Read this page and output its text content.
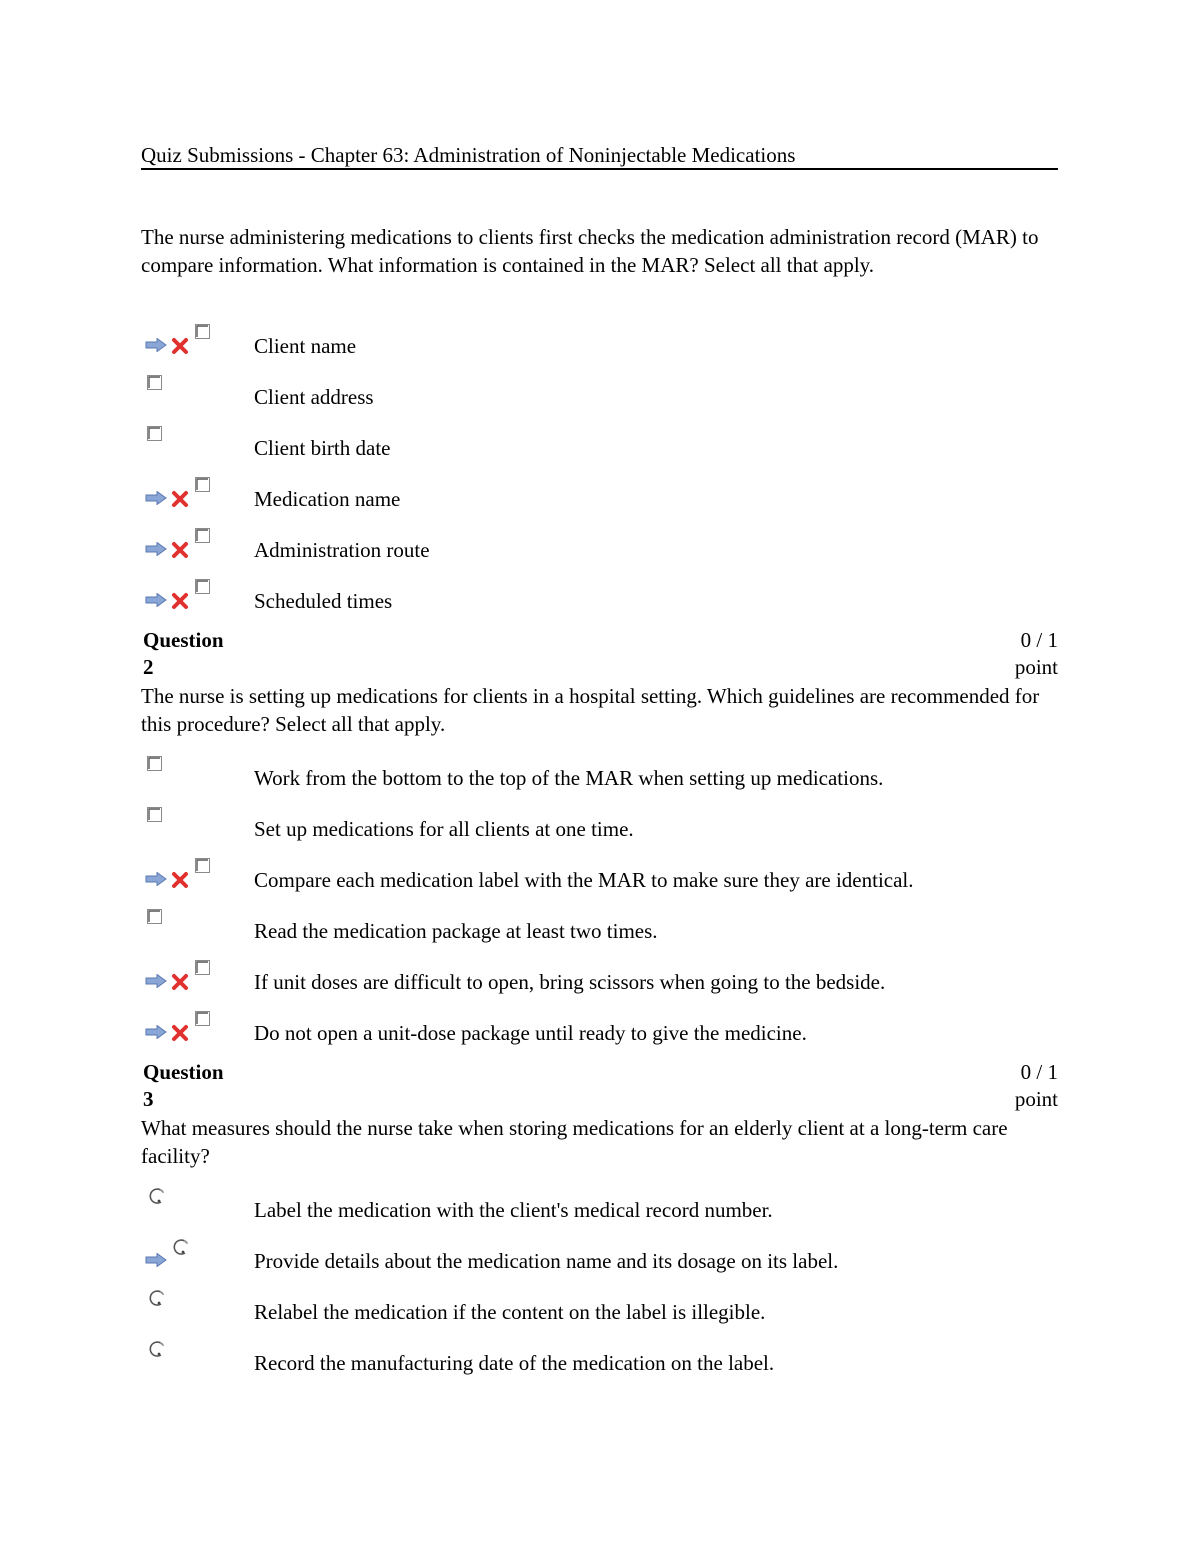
Quiz Submissions - Chapter 63: Administration of Noninjectable Medications
The nurse administering medications to clients first checks the medication administration record (MAR) to compare information. What information is contained in the MAR? Select all that apply.
Client name
Client address
Client birth date
Medication name
Administration route
Scheduled times
Question
2
0 / 1
point
The nurse is setting up medications for clients in a hospital setting. Which guidelines are recommended for this procedure? Select all that apply.
Work from the bottom to the top of the MAR when setting up medications.
Set up medications for all clients at one time.
Compare each medication label with the MAR to make sure they are identical.
Read the medication package at least two times.
If unit doses are difficult to open, bring scissors when going to the bedside.
Do not open a unit-dose package until ready to give the medicine.
Question
3
0 / 1
point
What measures should the nurse take when storing medications for an elderly client at a long-term care facility?
Label the medication with the client's medical record number.
Provide details about the medication name and its dosage on its label.
Relabel the medication if the content on the label is illegible.
Record the manufacturing date of the medication on the label.
